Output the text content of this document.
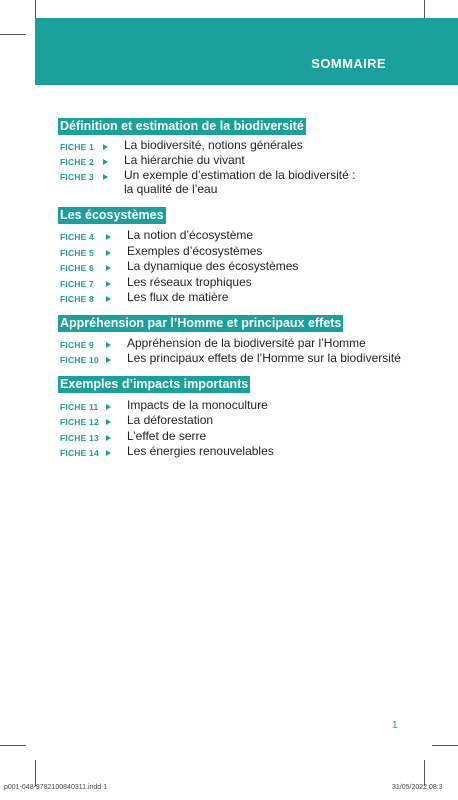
SOMMAIRE
Définition et estimation de la biodiversité
FICHE 1	La biodiversité, notions générales
FICHE 2	La hiérarchie du vivant
FICHE 3	Un exemple d’estimation de la biodiversité :
la qualité de l’eau
Les écosystèmes
FICHE 4	La notion d’écosystème
FICHE 5	Exemples d’écosystèmes
FICHE 6	La dynamique des écosystèmes
FICHE 7	Les réseaux trophiques
FICHE 8	Les flux de matière
Appréhension par l’Homme et principaux effets
FICHE 9	Appréhension de la biodiversité par l’Homme
FICHE 10 Les principaux effets de l’Homme sur la biodiversité
Exemples d’impacts importants
FICHE 11 Impacts de la monoculture
FICHE 12 La déforestation
FICHE 13 L’effet de serre
FICHE 14 Les énergies renouvelables
1
p001-048-9782100840311.indd 1	31/05/2022 08:3
